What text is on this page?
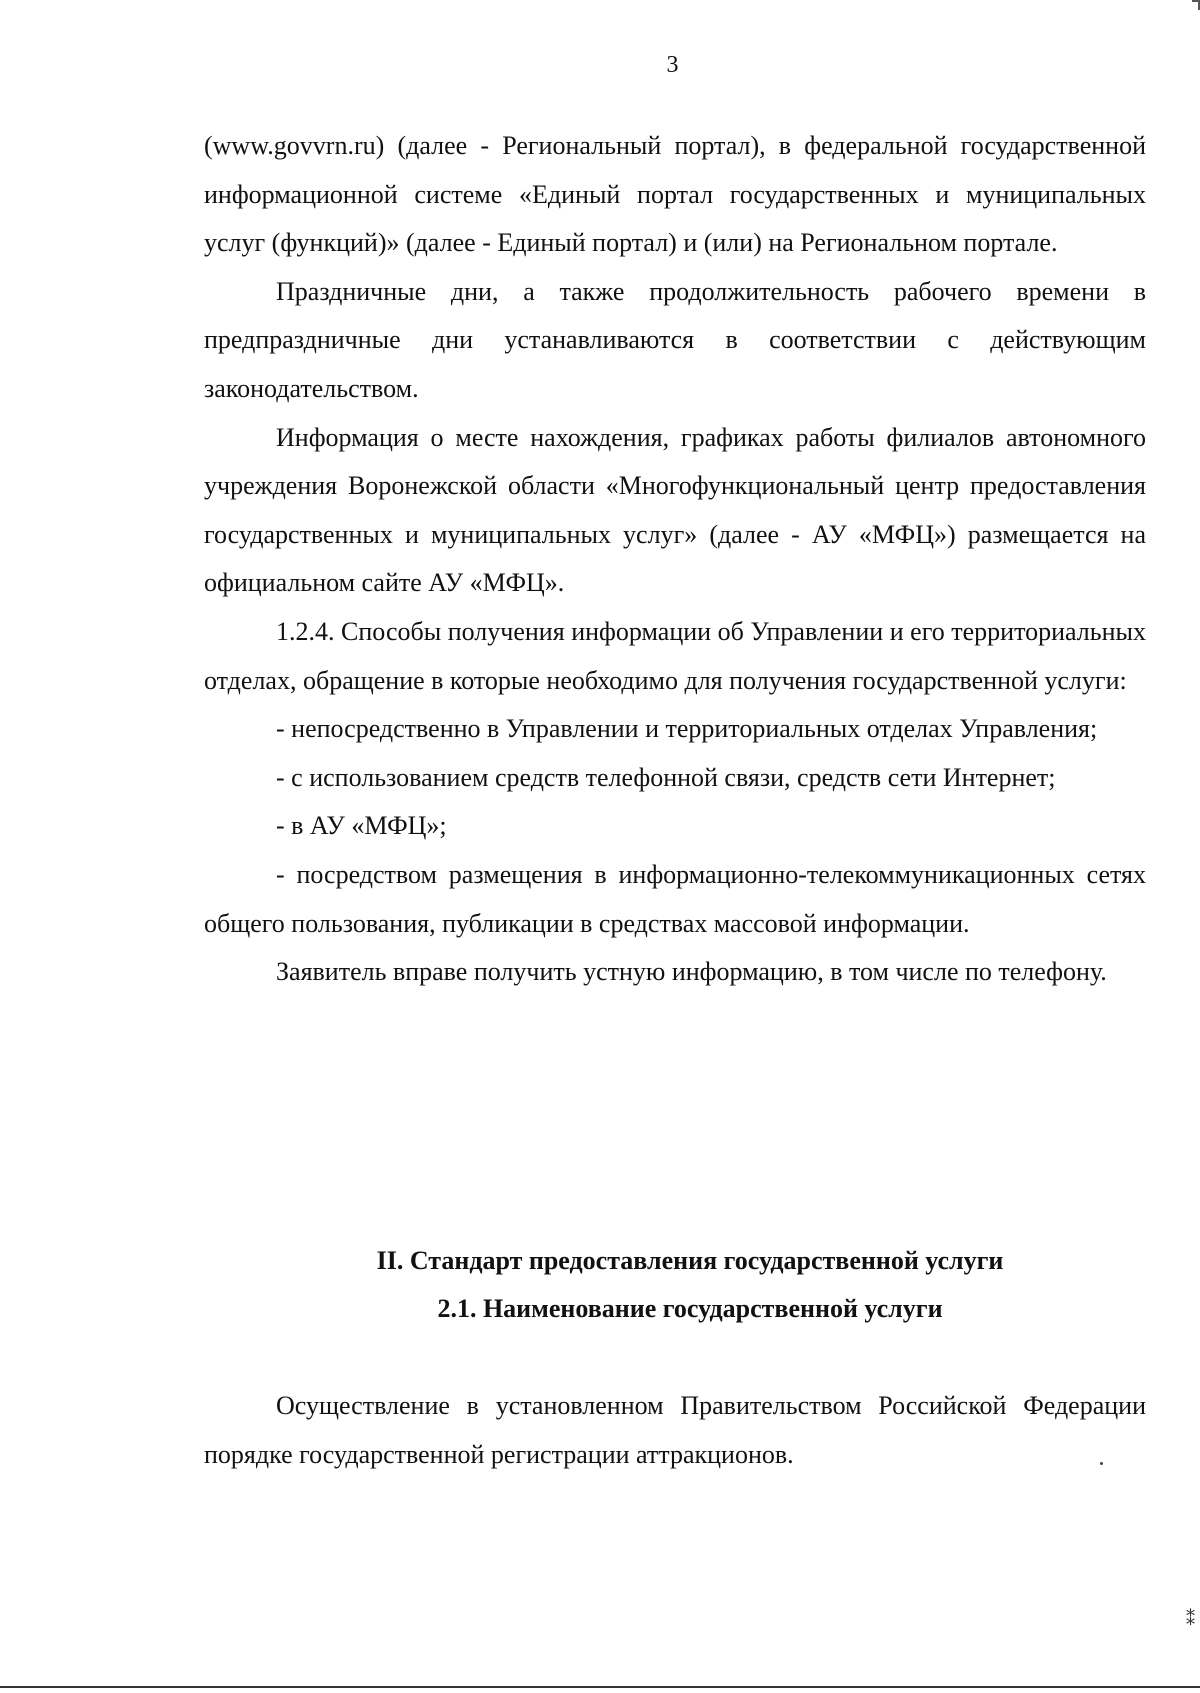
3

(www.govvrn.ru) (далее - Региональный портал), в федеральной государственной информационной системе «Единый портал государственных и муниципальных услуг (функций)» (далее - Единый портал) и (или) на Региональном портале.

Праздничные дни, а также продолжительность рабочего времени в предпраздничные дни устанавливаются в соответствии с действующим законодательством.

Информация о месте нахождения, графиках работы филиалов автономного учреждения Воронежской области «Многофункциональный центр предоставления государственных и муниципальных услуг» (далее - АУ «МФЦ») размещается на официальном сайте АУ «МФЦ».

1.2.4. Способы получения информации об Управлении и его территориальных отделах, обращение в которые необходимо для получения государственной услуги:

- непосредственно в Управлении и территориальных отделах Управления;

- с использованием средств телефонной связи, средств сети Интернет;

- в АУ «МФЦ»;

- посредством размещения в информационно-телекоммуникационных сетях общего пользования, публикации в средствах массовой информации.

Заявитель вправе получить устную информацию, в том числе по телефону.

II. Стандарт предоставления государственной услуги
2.1. Наименование государственной услуги

Осуществление в установленном Правительством Российской Федерации порядке государственной регистрации аттракционов.

⁑
